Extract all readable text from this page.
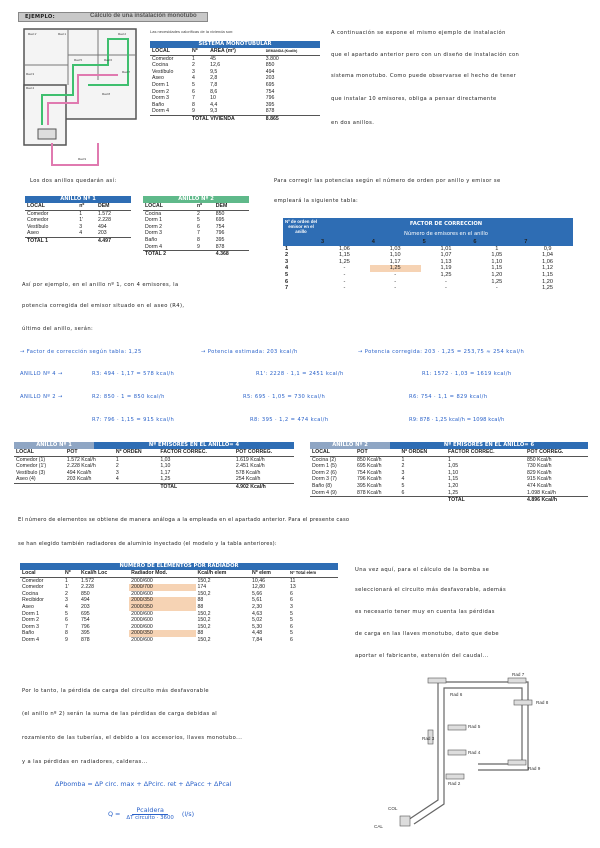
EJEMPLO:	Cálculo de una instalación monotubo
Rad 1'	Rad 1	Rad 2
Rad 3
Rad 4
Rad 5	Rad 6
Rad 7
Rad 8
Rad 9
Las necesidades caloríficas de la vivienda son:
SISTEMA MONOTUBULAR
LOCAL	Nº	AREA (m²)	DEMANDA (Kcal/h)
Comedor	1	45	3.800
Cocina	2	12,6	850
Vestíbulo	3	9,5	494
Aseo	4	2,8	203
Dorm 1	5	7,8	695
Dorm 2	6	8,6	754
Dorm 3	7	10	796
Baño	8	4,4	395
Dorm 4	9	9,3	878
	TOTAL VIVIENDA		8.865
A continuación se expone el mismo ejemplo de instalación
que el apartado anterior pero con un diseño de instalación con
sistema monotubo. Como puede observarse el hecho de tener
que instalar 10 emisores, obliga a pensar directamente
en dos anillos.
Los dos anillos quedarán así:
ANILLO Nº 1
LOCAL	nº	DEM
Comedor	1	1.572
Comedor	1'	2.228
Vestíbulo	3	494
Aseo	4	203
TOTAL 1		4.497
ANILLO Nº 2
LOCAL	nº	DEM
Cocina	2	850
Dorm 1	5	695
Dorm 2	6	754
Dorm 3	7	796
Baño	8	395
Dorm 4	9	878
TOTAL 2		4.368
Para corregir las potencias según el número de orden por anillo y emisor se
empleará la siguiente tabla:
Nº de orden del emisor en el anillo
FACTOR DE CORRECCION
Número de emisores en el anillo
	3	4	5	6	7
1	1,06	1,03	1,01	1	0,9
2	1,15	1,10	1,07	1,05	1,04
3	1,25	1,17	1,13	1,10	1,06
4	-	1,25	1,19	1,15	1,12
5	-	-	1,25	1,20	1,15
6	-	-	-	1,25	1,20
7	-	-	-	-	1,25
Así por ejemplo, en el anillo nº 1, con 4 emisores, la
potencia corregida del emisor situado en el aseo (R4),
último del anillo, serán:
→ Factor de corrección según tabla: 1,25	→ Potencia estimada: 203 kcal/h	→ Potencia corregida: 203 · 1,25 = 253,75 ≈ 254 kcal/h
ANILLO Nº 4 →	R3: 494 · 1,17 = 578 kcal/h	R1': 2228 · 1,1 = 2451 kcal/h	R1: 1572 · 1,03 = 1619 kcal/h
ANILLO Nº 2 →	R2: 850 · 1 = 850 kcal/h	R5: 695 · 1,05 = 730 kcal/h	R6: 754 · 1,1 = 829 kcal/h
R7: 796 · 1,15 = 915 kcal/h	R8: 395 · 1,2 = 474 kcal/h	R9: 878 · 1,25 kcal/h = 1098 kcal/h
ANILLO Nº 1	Nº EMISORES EN EL ANILLO= 4
LOCAL	POT	Nº ORDEN	FACTOR CORREC.	POT CORREG.
Comedor (1)	1.572 Kcal/h	1	1,03	1.619 Kcal/h
Comedor (1')	2.228 Kcal/h	2	1,10	2.451 Kcal/h
Vestíbulo (3)	494 Kcal/h	3	1,17	578 Kcal/h
Aseo (4)	203 Kcal/h	4	1,25	254 Kcal/h
			TOTAL	4.902 Kcal/h
ANILLO Nº 2	Nº EMISORES EN EL ANILLO= 6
LOCAL	POT	Nº ORDEN	FACTOR CORREC.	POT CORREG.
Cocina (2)	850 Kcal/h	1	1	850 Kcal/h
Dorm 1 (5)	695 Kcal/h	2	1,05	730 Kcal/h
Dorm 2 (6)	754 Kcal/h	3	1,10	829 Kcal/h
Dorm 3 (7)	796 Kcal/h	4	1,15	915 Kcal/h
Baño (8)	395 Kcal/h	5	1,20	474 Kcal/h
Dorm 4 (9)	878 Kcal/h	6	1,25	1.098 Kcal/h
			TOTAL	4.896 Kcal/h
El número de elementos se obtiene de manera análoga a la empleada en el apartado anterior. Para el presente caso
se han elegido también radiadores de aluminio inyectado (el modelo y la tabla anteriores):
NUMERO DE ELEMENTOS POR RADIADOR
Local	Nº	Kcal/h Loc	Radiador Mod.	Kcal/h elem	Nº elem	Nº Total elem
Comedor	1	1.572	2000/600	150,2	10,46	11
Comedor	1'	2.228	2000/700	174	12,80	13
Cocina	2	850	2000/600	150,2	5,66	6
Recibidor	3	494	2000/350	88	5,61	6
Aseo	4	203	2000/350	88	2,30	3
Dorm 1	5	695	2000/600	150,2	4,63	5
Dorm 2	6	754	2000/600	150,2	5,02	5
Dorm 3	7	796	2000/600	150,2	5,30	6
Baño	8	395	2000/350	88	4,48	5
Dorm 4	9	878	2000/600	150,2	7,84	6
Una vez aquí, para el cálculo de la bomba se
seleccionará el circuito más desfavorable, además
es necesario tener muy en cuenta las pérdidas
de carga en las llaves monotubo, dato que debe
aportar el fabricante, extensión del caudal...
Por lo tanto, la pérdida de carga del circuito más desfavorable
(el anillo nº 2) serán la suma de las pérdidas de carga debidas al
rozamiento de las tuberías, el debido a los accesorios, llaves monotubo...
y a las pérdidas en radiadores, calderas...
ΔPbomba = ΔP circ. max + ΔPcirc. ret + ΔPacc + ΔPcal
Q =	Pcaldera
ΔT circuito · 3600
(l/s)
Rad 6
Rad 7
Rad 8
Rad 5
Rad 4
Rad 9
Rad 3
Rad 2
COL
CAL
